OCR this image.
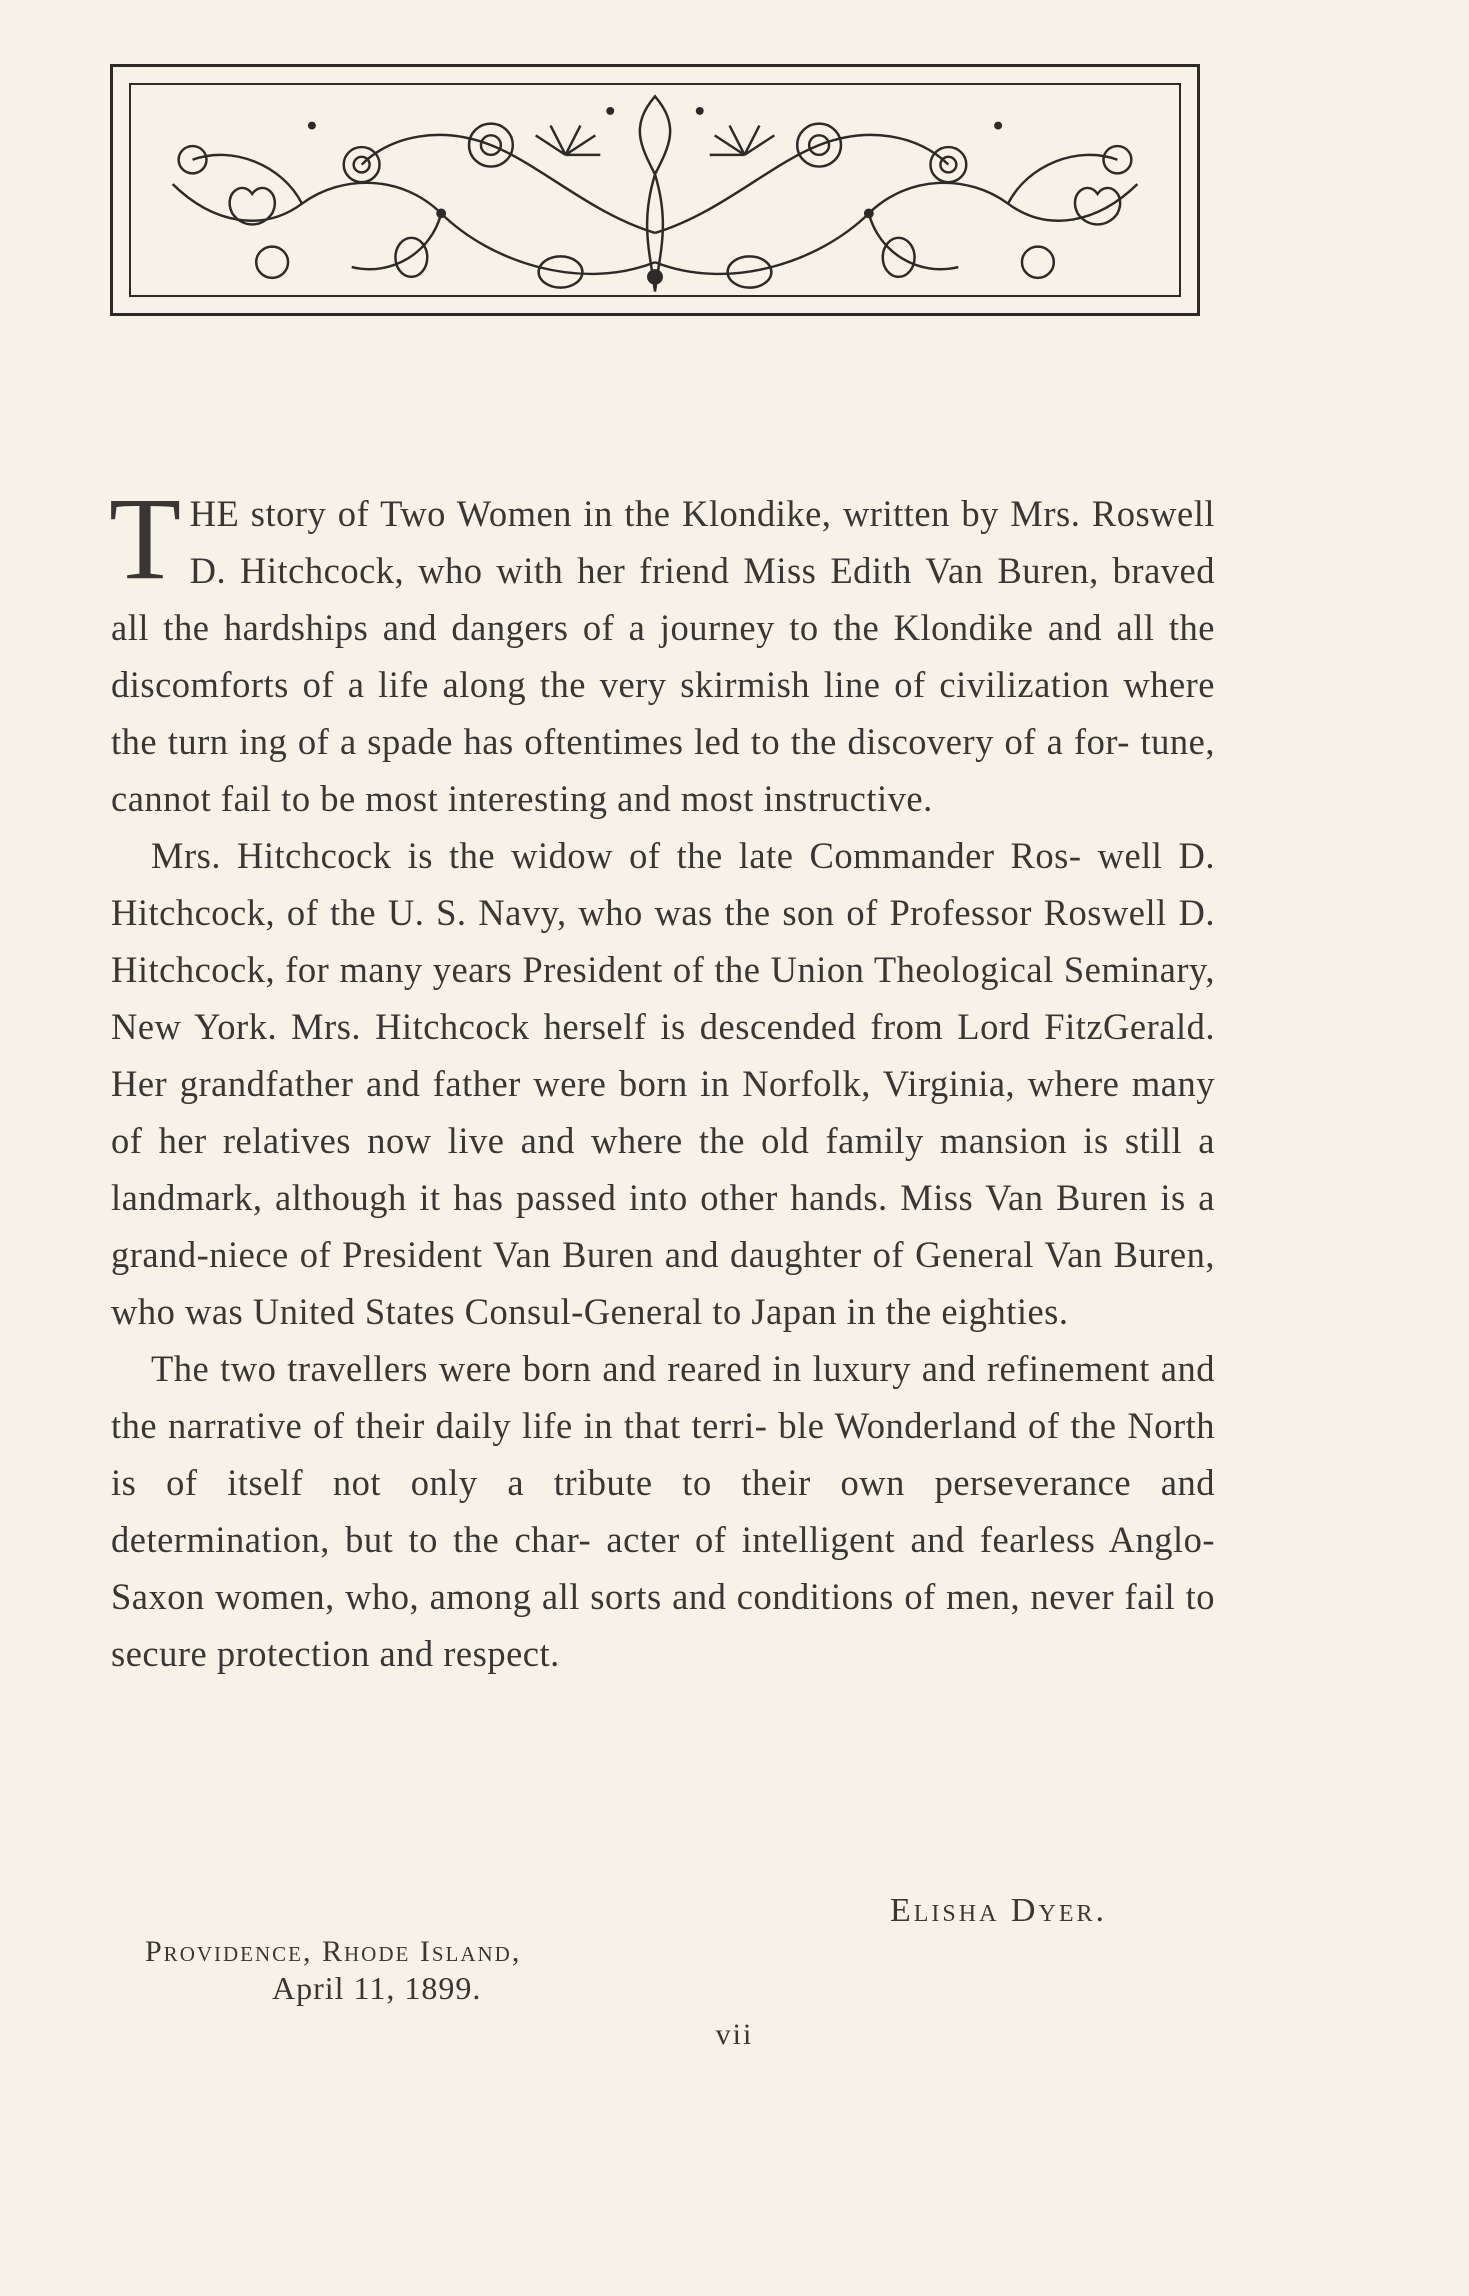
THE story of Two Women in the Klondike, written by Mrs. Roswell D. Hitchcock, who with her friend Miss Edith Van Buren, braved all the hardships and dangers of a journey to the Klondike and all the discomforts of a life along the very skirmish line of civilization where the turn ing of a spade has oftentimes led to the discovery of a for- tune, cannot fail to be most interesting and most instructive.

Mrs. Hitchcock is the widow of the late Commander Ros- well D. Hitchcock, of the U. S. Navy, who was the son of Professor Roswell D. Hitchcock, for many years President of the Union Theological Seminary, New York. Mrs. Hitchcock herself is descended from Lord FitzGerald. Her grandfather and father were born in Norfolk, Virginia, where many of her relatives now live and where the old family mansion is still a landmark, although it has passed into other hands. Miss Van Buren is a grand-niece of President Van Buren and daughter of General Van Buren, who was United States Consul-General to Japan in the eighties.

The two travellers were born and reared in luxury and refinement and the narrative of their daily life in that terri- ble Wonderland of the North is of itself not only a tribute to their own perseverance and determination, but to the char- acter of intelligent and fearless Anglo-Saxon women, who, among all sorts and conditions of men, never fail to secure protection and respect.

Elisha Dyer.
Providence, Rhode Island,
April 11, 1899.
vii
